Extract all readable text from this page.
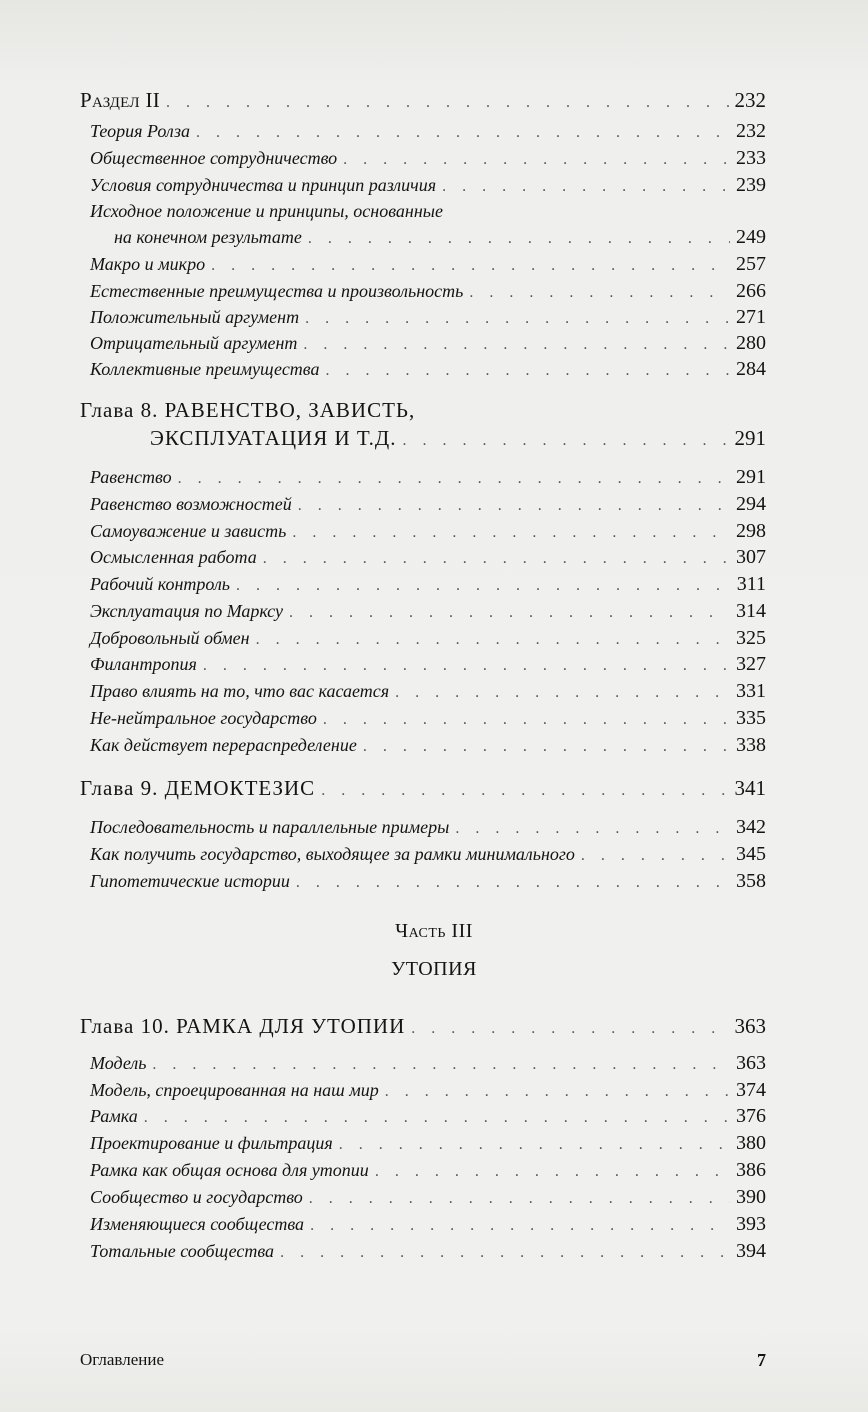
Раздел II . . .	232
Теория Ролза . . .	232
Общественное сотрудничество . . .	233
Условия сотрудничества и принцип различия . . .	239
Исходное положение и принципы, основанные
на конечном результате . . .	249
Макро и микро . . .	257
Естественные преимущества и произвольность . . .	266
Положительный аргумент . . .	271
Отрицательный аргумент . . .	280
Коллективные преимущества . . .	284
Глава 8. РАВЕНСТВО, ЗАВИСТЬ,
ЭКСПЛУАТАЦИЯ И Т.Д. . . .	291
Равенство . . .	291
Равенство возможностей . . .	294
Самоуважение и зависть . . .	298
Осмысленная работа . . .	307
Рабочий контроль . . .	311
Эксплуатация по Марксу . . .	314
Добровольный обмен . . .	325
Филантропия . . .	327
Право влиять на то, что вас касается . . .	331
Не-нейтральное государство . . .	335
Как действует перераспределение . . .	338
Глава 9. ДЕМОКТЕЗИС . . .	341
Последовательность и параллельные примеры . . .	342
Как получить государство, выходящее за рамки минимального . . .	345
Гипотетические истории . . .	358
Часть III
УТОПИЯ
Глава 10. РАМКА ДЛЯ УТОПИИ . . .	363
Модель . . .	363
Модель, спроецированная на наш мир . . .	374
Рамка . . .	376
Проектирование и фильтрация . . .	380
Рамка как общая основа для утопии . . .	386
Сообщество и государство . . .	390
Изменяющиеся сообщества . . .	393
Тотальные сообщества . . .	394
Оглавление	7
